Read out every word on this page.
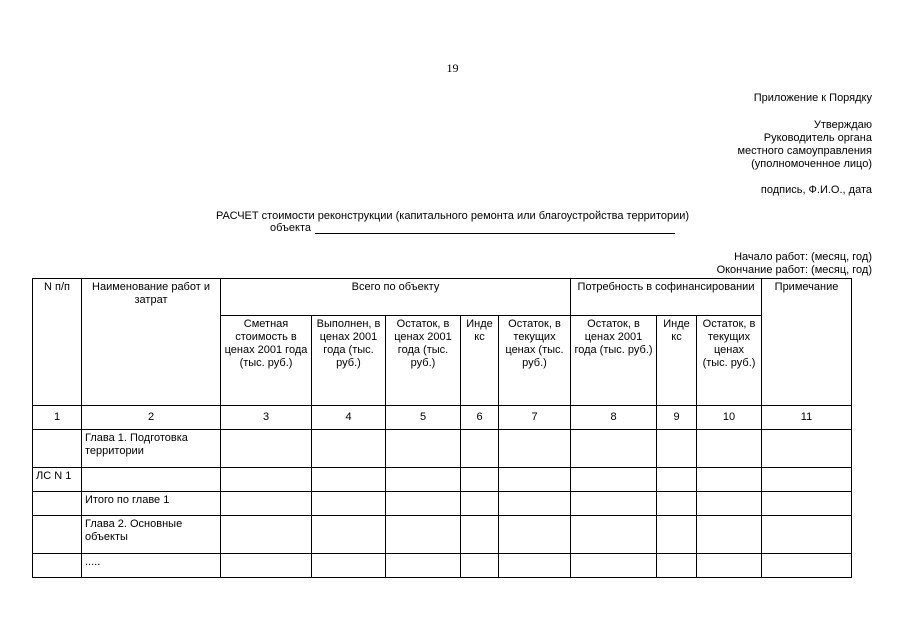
19
Приложение к Порядку
Утверждаю
Руководитель органа
местного самоуправления
(уполномоченное лицо)
подпись, Ф.И.О., дата
РАСЧЕТ стоимости реконструкции (капитального ремонта или благоустройства территории)
объекта
Начало работ: (месяц, год)
Окончание работ: (месяц, год)
N п/п	Наименование работ и затрат	Всего по объекту					Потребность в софинансировании			Примечание
		Сметная стоимость в ценах 2001 года (тыс. руб.)	Выполнен, в ценах 2001 года (тыс. руб.)	Остаток, в ценах 2001 года (тыс. руб.)	Инде кс	Остаток, в текущих ценах (тыс. руб.)	Остаток, в ценах 2001 года (тыс. руб.)	Инде кс	Остаток, в текущих ценах (тыс. руб.)	
1	2	3	4	5	6	7	8	9	10	11
	Глава 1. Подготовка территории									
ЛС N 1										
	Итого по главе 1									
	Глава 2. Основные объекты									
	.....									
